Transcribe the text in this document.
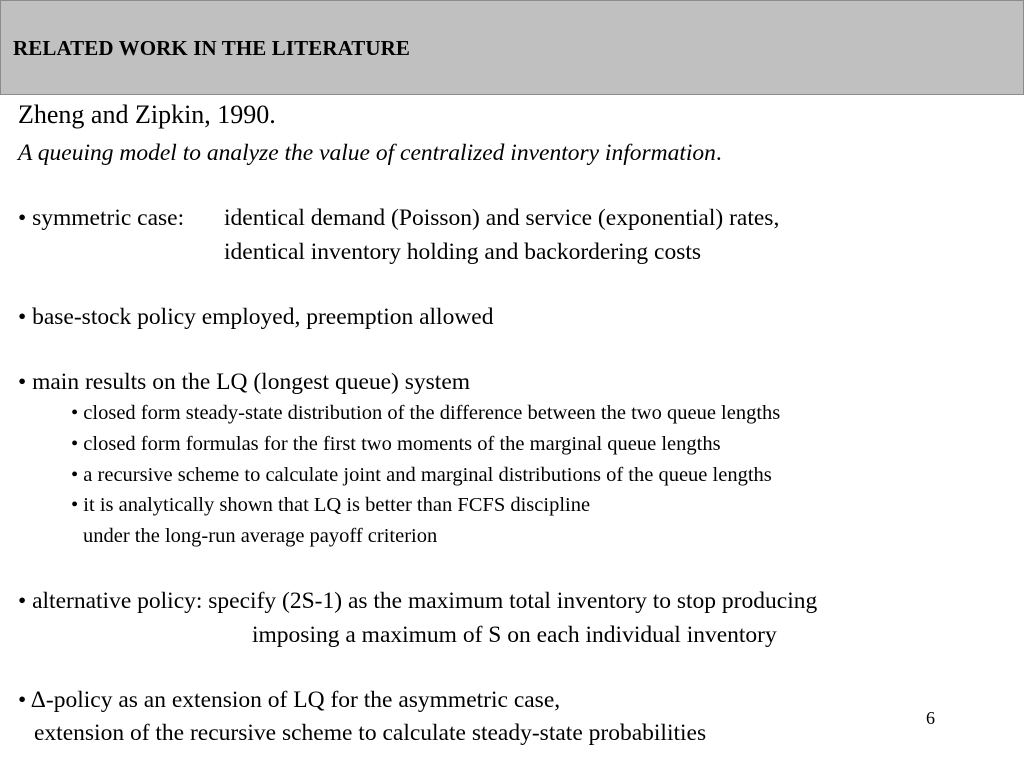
RELATED WORK IN THE LITERATURE
Zheng and Zipkin, 1990.
A queuing model to analyze the value of centralized inventory information.
• symmetric case: identical demand (Poisson) and service (exponential) rates,
identical inventory holding and backordering costs
• base-stock policy employed, preemption allowed
• main results on the LQ (longest queue) system
• closed form steady-state distribution of the difference between the two queue lengths
• closed form formulas for the first two moments of the marginal queue lengths
• a recursive scheme to calculate joint and marginal distributions of the queue lengths
• it is analytically shown that LQ is better than FCFS discipline
under the long-run average payoff criterion
• alternative policy: specify (2S-1) as the maximum total inventory to stop producing
imposing a maximum of S on each individual inventory
• Δ-policy as an extension of LQ for the asymmetric case,
extension of the recursive scheme to calculate steady-state probabilities
6
